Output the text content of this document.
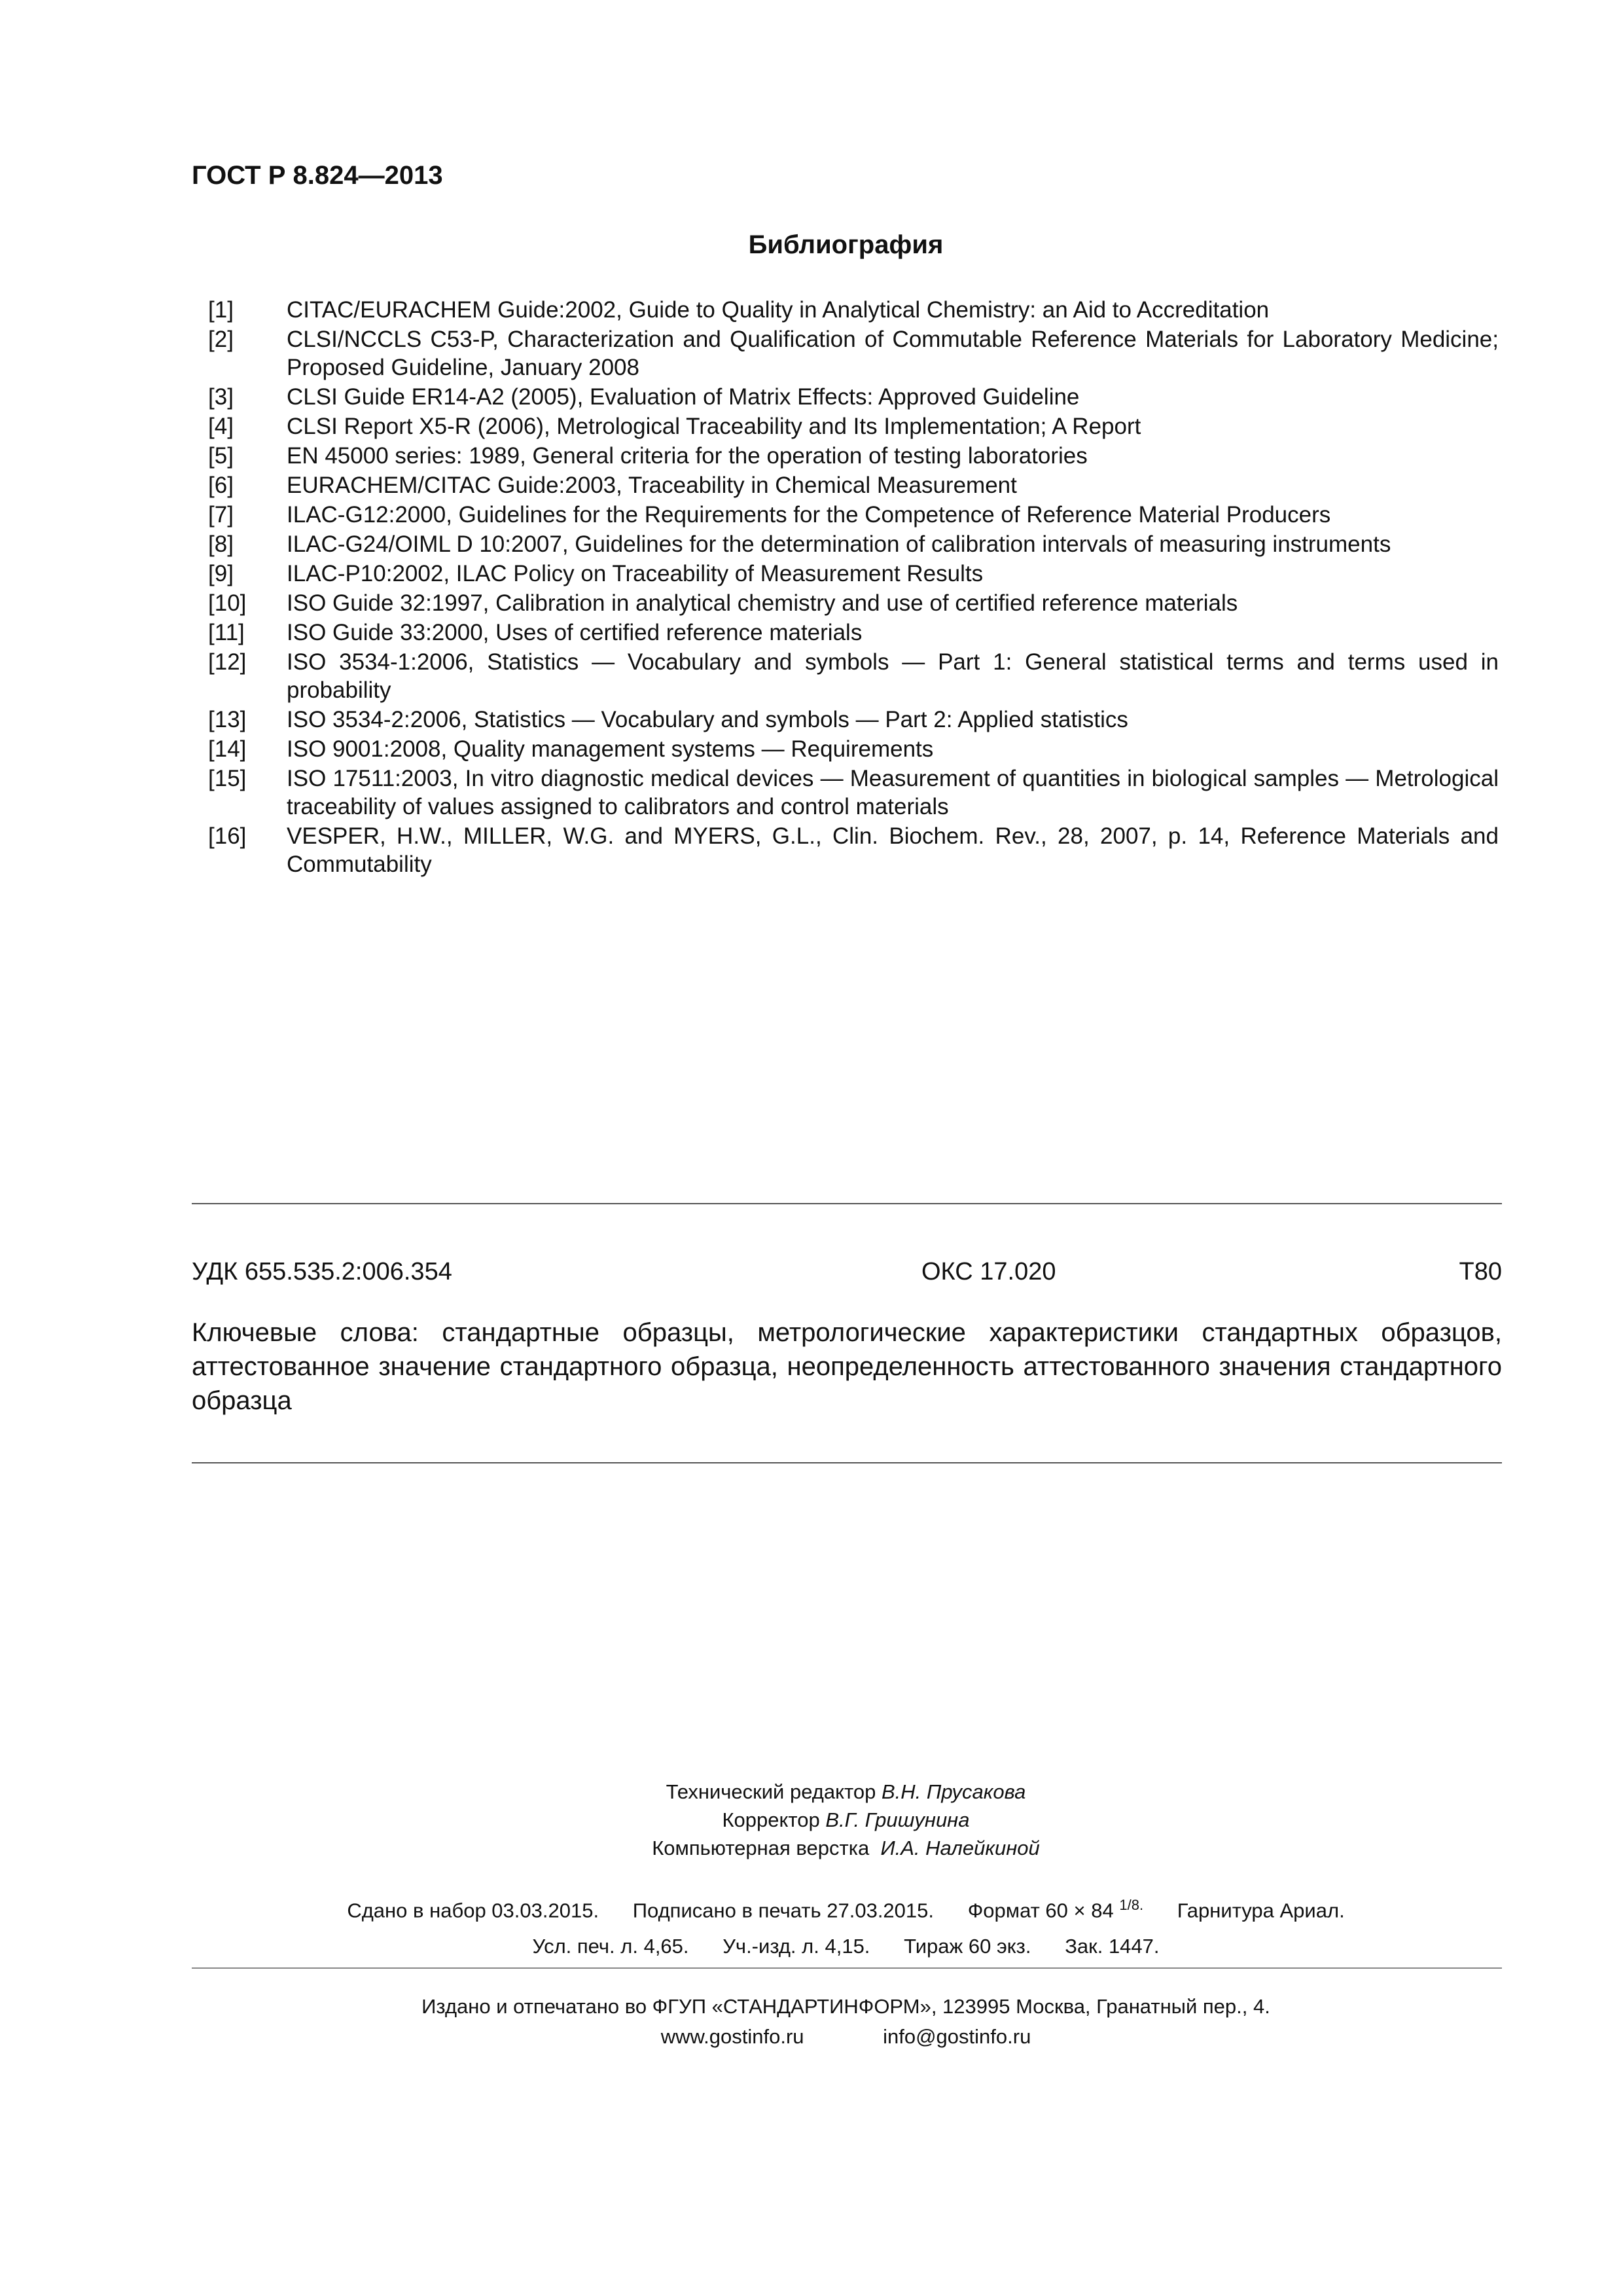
ГОСТ Р 8.824—2013
Библиография
[1]	CITAC/EURACHEM Guide:2002, Guide to Quality in Analytical Chemistry: an Aid to Accreditation
[2]	CLSI/NCCLS C53-P, Characterization and Qualification of Commutable Reference Materials for Laboratory Medicine; Proposed Guideline, January 2008
[3]	CLSI Guide ER14-A2 (2005), Evaluation of Matrix Effects: Approved Guideline
[4]	CLSI Report X5-R (2006), Metrological Traceability and Its Implementation; A Report
[5]	EN 45000 series: 1989, General criteria for the operation of testing laboratories
[6]	EURACHEM/CITAC Guide:2003, Traceability in Chemical Measurement
[7]	ILAC-G12:2000, Guidelines for the Requirements for the Competence of Reference Material Producers
[8]	ILAC-G24/OIML D 10:2007, Guidelines for the determination of calibration intervals of measuring instruments
[9]	ILAC-P10:2002, ILAC Policy on Traceability of Measurement Results
[10]	ISO Guide 32:1997, Calibration in analytical chemistry and use of certified reference materials
[11]	ISO Guide 33:2000, Uses of certified reference materials
[12]	ISO 3534-1:2006, Statistics — Vocabulary and symbols — Part 1: General statistical terms and terms used in probability
[13]	ISO 3534-2:2006, Statistics — Vocabulary and symbols — Part 2: Applied statistics
[14]	ISO 9001:2008, Quality management systems — Requirements
[15]	ISO 17511:2003, In vitro diagnostic medical devices — Measurement of quantities in biological samples — Metrological traceability of values assigned to calibrators and control materials
[16]	VESPER, H.W., MILLER, W.G. and MYERS, G.L., Clin. Biochem. Rev., 28, 2007, p. 14, Reference Materials and Commutability
УДК 655.535.2:006.354	ОКС 17.020	Т80
Ключевые слова: стандартные образцы, метрологические характеристики стандартных образцов, аттестованное значение стандартного образца, неопределенность аттестованного значения стандартного образца
Технический редактор В.Н. Прусакова
Корректор В.Г. Гришунина
Компьютерная верстка И.А. Налейкиной
Сдано в набор 03.03.2015. Подписано в печать 27.03.2015. Формат 60 × 84 $^{1/8.}$ Гарнитура Ариал.
Усл. печ. л. 4,65. Уч.-изд. л. 4,15. Тираж 60 экз. Зак. 1447.
Издано и отпечатано во ФГУП «СТАНДАРТИНФОРМ», 123995 Москва, Гранатный пер., 4.
www.gostinfo.ru	info@gostinfo.ru
